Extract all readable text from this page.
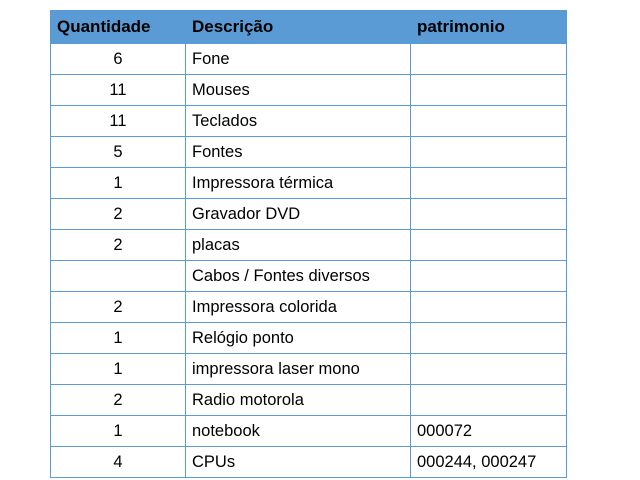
Quantidade	Descrição	patrimonio
6	Fone	
11	Mouses	
11	Teclados	
5	Fontes	
1	Impressora térmica	
2	Gravador DVD	
2	placas	
	Cabos / Fontes diversos	
2	Impressora colorida	
1	Relógio ponto	
1	impressora laser mono	
2	Radio motorola	
1	notebook	000072
4	CPUs	000244, 000247
